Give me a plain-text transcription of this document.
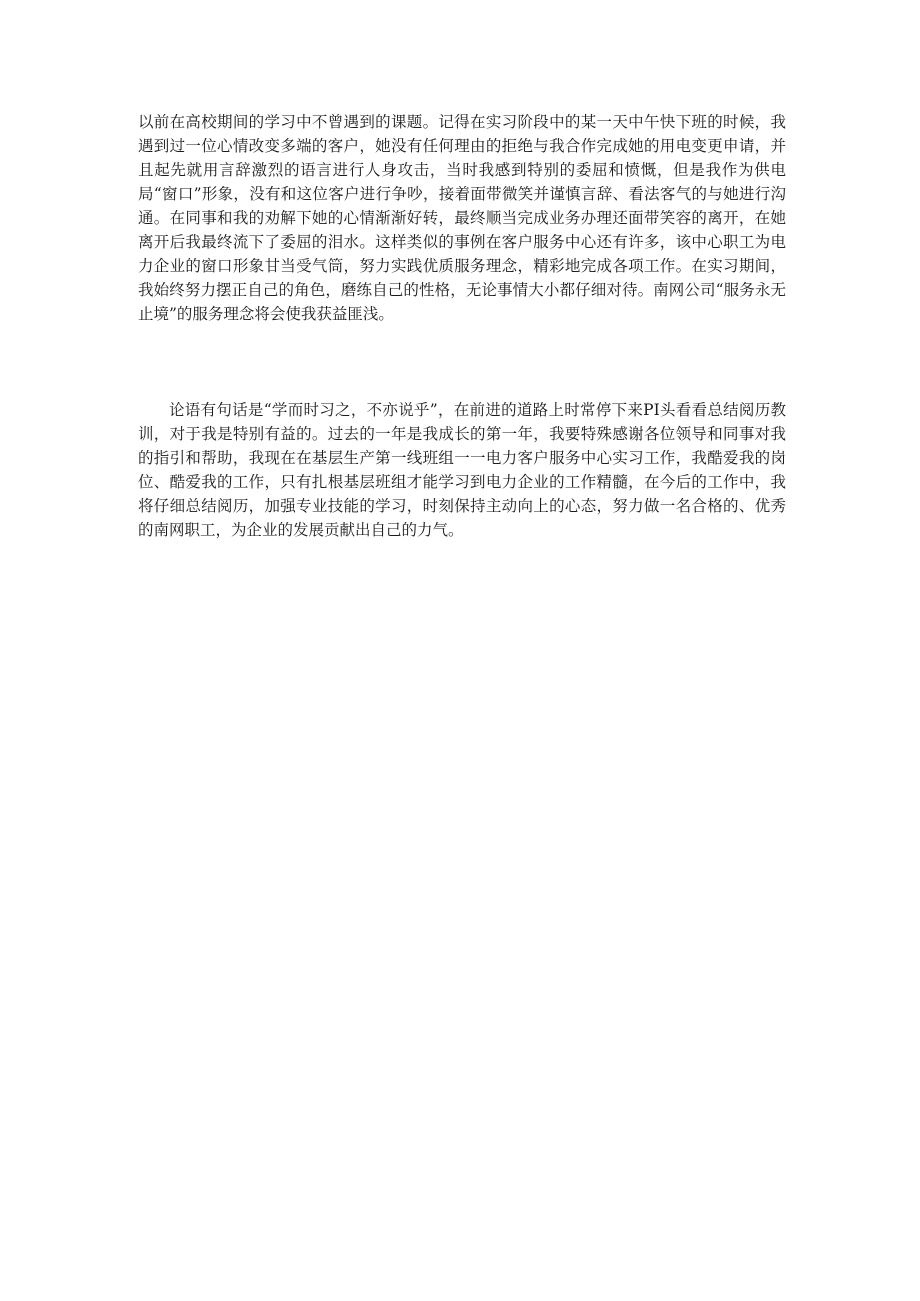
以前在高校期间的学习中不曾遇到的课题。记得在实习阶段中的某一天中午快下班的时候，我遇到过一位心情改变多端的客户，她没有任何理由的拒绝与我合作完成她的用电变更申请，并且起先就用言辞激烈的语言进行人身攻击，当时我感到特别的委屈和愤慨，但是我作为供电局“窗口”形象，没有和这位客户进行争吵，接着面带微笑并谨慎言辞、看法客气的与她进行沟通。在同事和我的劝解下她的心情渐渐好转，最终顺当完成业务办理还面带笑容的离开，在她离开后我最终流下了委屈的泪水。这样类似的事例在客户服务中心还有许多，该中心职工为电力企业的窗口形象甘当受气筒，努力实践优质服务理念，精彩地完成各项工作。在实习期间，我始终努力摆正自己的角色，磨练自己的性格，无论事情大小都仔细对待。南网公司“服务永无止境”的服务理念将会使我获益匪浅。

论语有句话是“学而时习之，不亦说乎”，在前进的道路上时常停下来PI头看看总结阅历教训，对于我是特别有益的。过去的一年是我成长的第一年，我要特殊感谢各位领导和同事对我的指引和帮助，我现在在基层生产第一线班组一一电力客户服务中心实习工作，我酷爱我的岗位、酷爱我的工作，只有扎根基层班组才能学习到电力企业的工作精髓，在今后的工作中，我将仔细总结阅历，加强专业技能的学习，时刻保持主动向上的心态，努力做一名合格的、优秀的南网职工，为企业的发展贡献出自己的力气。
